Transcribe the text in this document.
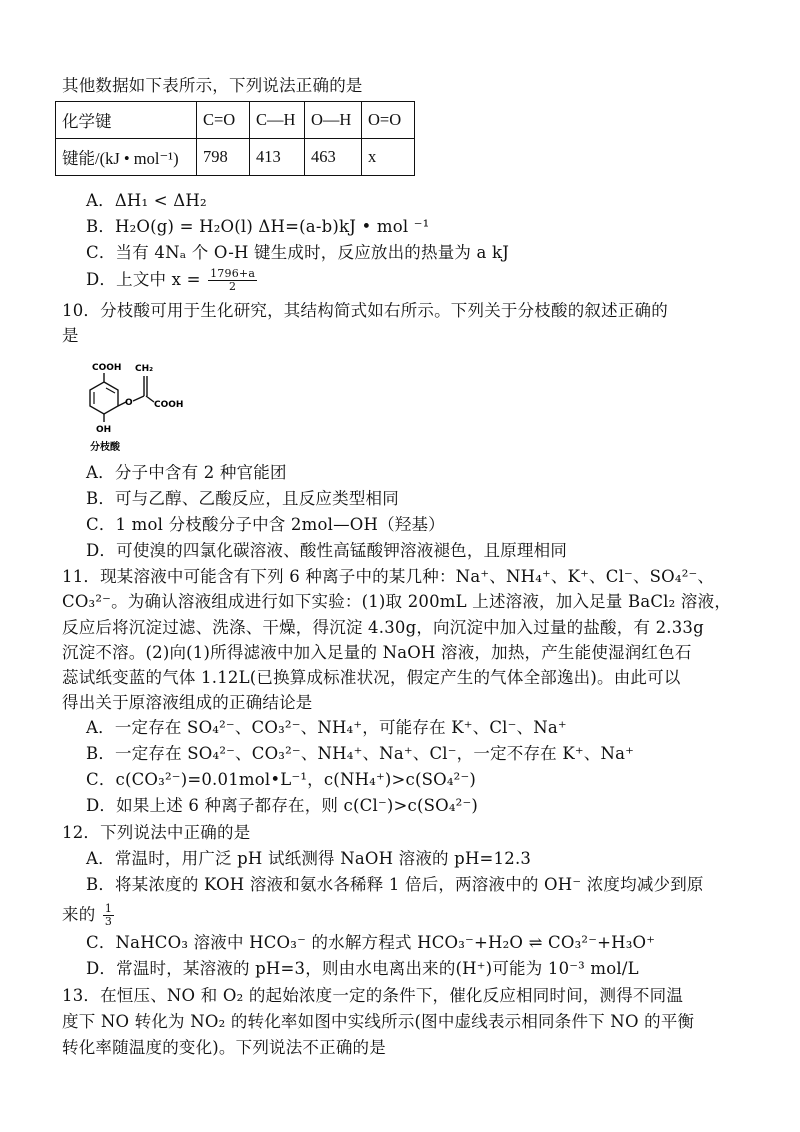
其他数据如下表所示，下列说法正确的是
化学键	C=O	C—H	O—H	O=O
键能/(kJ • mol⁻¹)	798	413	463	x
A．ΔH₁ < ΔH₂
B．H₂O(g) = H₂O(l) ΔH=(a-b)kJ • mol ⁻¹
C．当有 4Nₐ 个 O-H 键生成时，反应放出的热量为 a kJ
D．上文中 $x = \frac{1796+a}{2}$
10．分枝酸可用于生化研究，其结构简式如右所示。下列关于分枝酸的叙述正确的
是
COOH
OH
O
CH₂
COOH
分枝酸
A．分子中含有 2 种官能团
B．可与乙醇、乙酸反应，且反应类型相同
C．1 mol 分枝酸分子中含 2mol—OH（羟基）
D．可使溴的四氯化碳溶液、酸性高锰酸钾溶液褪色，且原理相同
11．现某溶液中可能含有下列 6 种离子中的某几种：Na⁺、NH₄⁺、K⁺、Cl⁻、SO₄²⁻、
CO₃²⁻。为确认溶液组成进行如下实验：(1)取 200mL 上述溶液，加入足量 BaCl₂ 溶液，
反应后将沉淀过滤、洗涤、干燥，得沉淀 4.30g，向沉淀中加入过量的盐酸，有 2.33g
沉淀不溶。(2)向(1)所得滤液中加入足量的 NaOH 溶液，加热，产生能使湿润红色石
蕊试纸变蓝的气体 1.12L(已换算成标准状况，假定产生的气体全部逸出)。由此可以
得出关于原溶液组成的正确结论是
A．一定存在 SO₄²⁻、CO₃²⁻、NH₄⁺，可能存在 K⁺、Cl⁻、Na⁺
B．一定存在 SO₄²⁻、CO₃²⁻、NH₄⁺、Na⁺、Cl⁻，一定不存在 K⁺、Na⁺
C．c(CO₃²⁻)=0.01mol•L⁻¹，c(NH₄⁺)>c(SO₄²⁻)
D．如果上述 6 种离子都存在，则 c(Cl⁻)>c(SO₄²⁻)
12．下列说法中正确的是
A．常温时，用广泛 pH 试纸测得 NaOH 溶液的 pH=12.3
B．将某浓度的 KOH 溶液和氨水各稀释 1 倍后，两溶液中的 OH⁻ 浓度均减少到原
来的 $\frac{1}{3}$
C．NaHCO₃ 溶液中 HCO₃⁻ 的水解方程式 HCO₃⁻+H₂O ⇌ CO₃²⁻+H₃O⁺
D．常温时，某溶液的 pH=3，则由水电离出来的(H⁺)可能为 10⁻³ mol/L
13．在恒压、NO 和 O₂ 的起始浓度一定的条件下，催化反应相同时间，测得不同温
度下 NO 转化为 NO₂ 的转化率如图中实线所示(图中虚线表示相同条件下 NO 的平衡
转化率随温度的变化)。下列说法不正确的是
